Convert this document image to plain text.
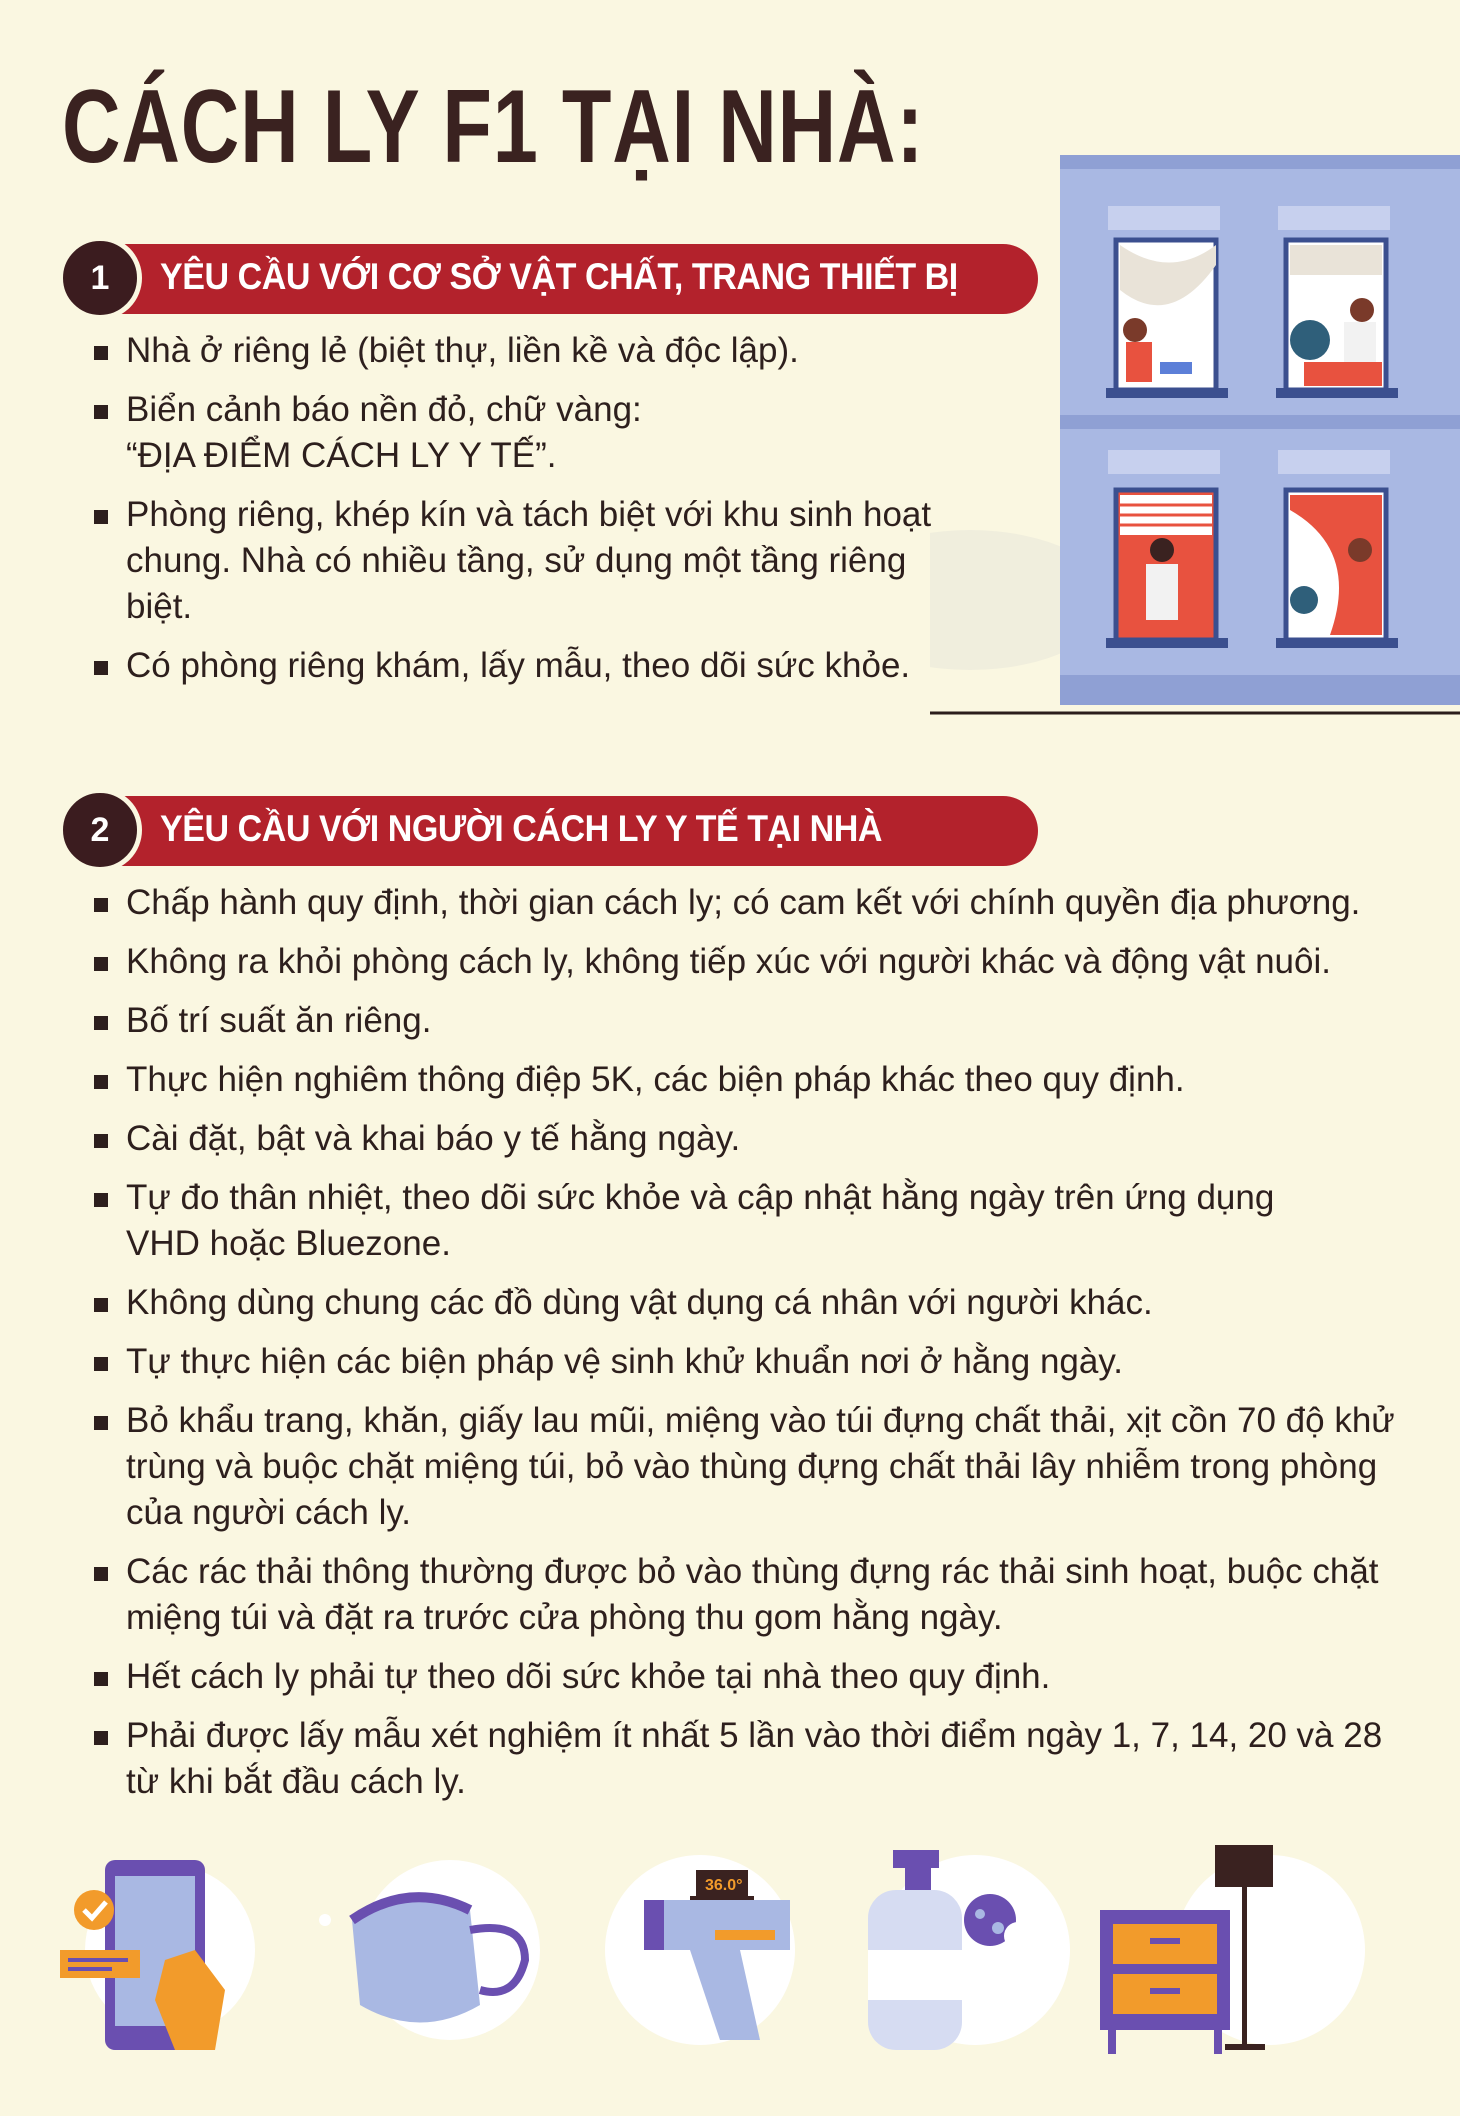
CÁCH LY F1 TẠI NHÀ:
1	YÊU CẦU VỚI CƠ SỞ VẬT CHẤT, TRANG THIẾT BỊ
Nhà ở riêng lẻ (biệt thự, liền kề và độc lập).
Biển cảnh báo nền đỏ, chữ vàng: “ĐỊA ĐIỂM CÁCH LY Y TẾ”.
Phòng riêng, khép kín và tách biệt với khu sinh hoạt chung. Nhà có nhiều tầng, sử dụng một tầng riêng biệt.
Có phòng riêng khám, lấy mẫu, theo dõi sức khỏe.
2	YÊU CẦU VỚI NGƯỜI CÁCH LY Y TẾ TẠI NHÀ
Chấp hành quy định, thời gian cách ly; có cam kết với chính quyền địa phương.
Không ra khỏi phòng cách ly, không tiếp xúc với người khác và động vật nuôi.
Bố trí suất ăn riêng.
Thực hiện nghiêm thông điệp 5K, các biện pháp khác theo quy định.
Cài đặt, bật và khai báo y tế hằng ngày.
Tự đo thân nhiệt, theo dõi sức khỏe và cập nhật hằng ngày trên ứng dụng VHD hoặc Bluezone.
Không dùng chung các đồ dùng vật dụng cá nhân với người khác.
Tự thực hiện các biện pháp vệ sinh khử khuẩn nơi ở hằng ngày.
Bỏ khẩu trang, khăn, giấy lau mũi, miệng vào túi đựng chất thải, xịt cồn 70 độ khử trùng và buộc chặt miệng túi, bỏ vào thùng đựng chất thải lây nhiễm trong phòng của người cách ly.
Các rác thải thông thường được bỏ vào thùng đựng rác thải sinh hoạt, buộc chặt miệng túi và đặt ra trước cửa phòng thu gom hằng ngày.
Hết cách ly phải tự theo dõi sức khỏe tại nhà theo quy định.
Phải được lấy mẫu xét nghiệm ít nhất 5 lần vào thời điểm ngày 1, 7, 14, 20 và 28 từ khi bắt đầu cách ly.
36.0°
